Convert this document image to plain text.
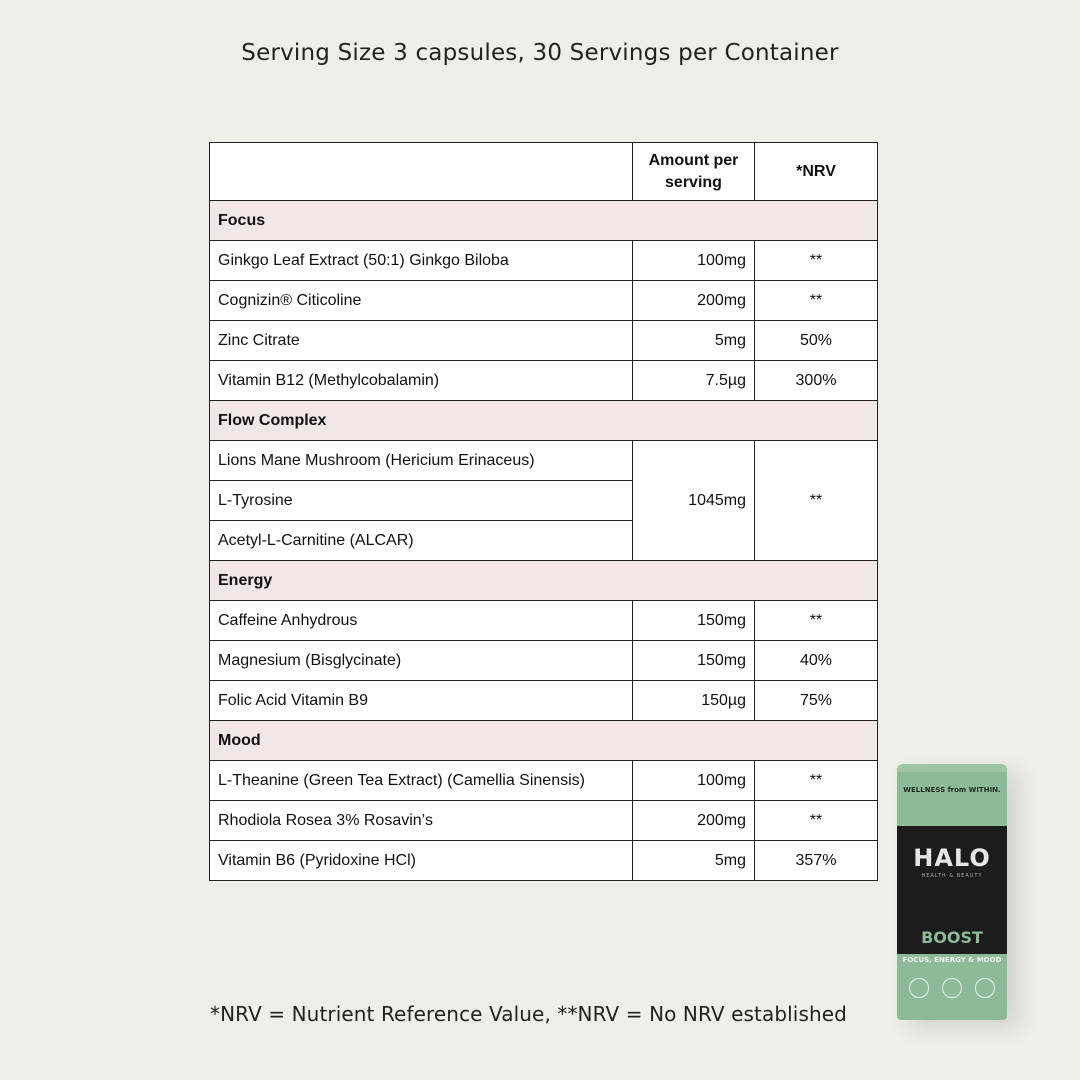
Serving Size 3 capsules, 30 Servings per Container
	Amount per serving	*NRV
Focus		
Ginkgo Leaf Extract (50:1) Ginkgo Biloba	100mg	**
Cognizin® Citicoline	200mg	**
Zinc Citrate	5mg	50%
Vitamin B12 (Methylcobalamin)	7.5µg	300%
Flow Complex		
Lions Mane Mushroom (Hericium Erinaceus)	1045mg	**
L-Tyrosine		
Acetyl-L-Carnitine (ALCAR)		
Energy		
Caffeine Anhydrous	150mg	**
Magnesium (Bisglycinate)	150mg	40%
Folic Acid Vitamin B9	150µg	75%
Mood		
L-Theanine (Green Tea Extract) (Camellia Sinensis)	100mg	**
Rhodiola Rosea 3% Rosavin’s	200mg	**
Vitamin B6 (Pyridoxine HCl)	5mg	357%
WELLNESS from WITHIN.
HALO
HEALTH & BEAUTY
BOOST
FOCUS, ENERGY & MOOD
*NRV = Nutrient Reference Value, **NRV = No NRV established
